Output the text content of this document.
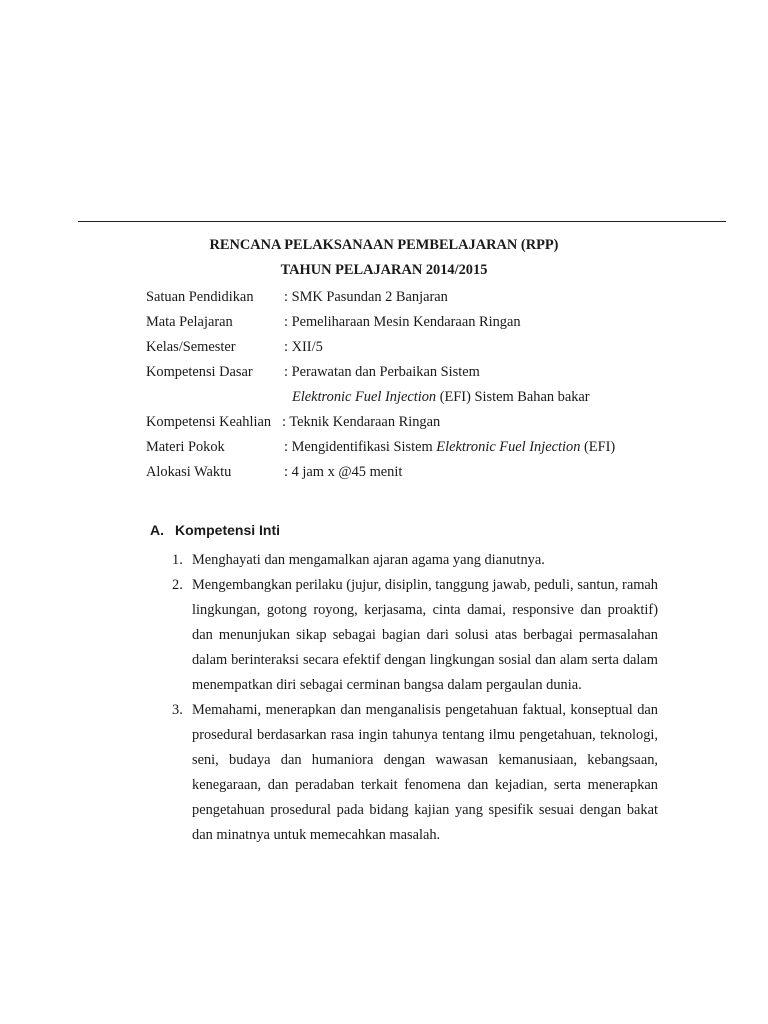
RENCANA PELAKSANAAN PEMBELAJARAN (RPP)
TAHUN PELAJARAN 2014/2015
Satuan Pendidikan : SMK Pasundan 2 Banjaran
Mata Pelajaran	: Pemeliharaan Mesin Kendaraan Ringan
Kelas/Semester	: XII/5
Kompetensi Dasar : Perawatan dan Perbaikan Sistem
Elektronic Fuel Injection (EFI) Sistem Bahan bakar
Kompetensi Keahlian : Teknik Kendaraan Ringan
Materi Pokok	: Mengidentifikasi Sistem Elektronic Fuel Injection (EFI)
Alokasi Waktu	: 4 jam x @45 menit
A. Kompetensi Inti
1. Menghayati dan mengamalkan ajaran agama yang dianutnya.
2. Mengembangkan perilaku (jujur, disiplin, tanggung jawab, peduli, santun, ramah lingkungan, gotong royong, kerjasama, cinta damai, responsive dan proaktif) dan menunjukan sikap sebagai bagian dari solusi atas berbagai permasalahan dalam berinteraksi secara efektif dengan lingkungan sosial dan alam serta dalam menempatkan diri sebagai cerminan bangsa dalam pergaulan dunia.
3. Memahami, menerapkan dan menganalisis pengetahuan faktual, konseptual dan prosedural berdasarkan rasa ingin tahunya tentang ilmu pengetahuan, teknologi, seni, budaya dan humaniora dengan wawasan kemanusiaan, kebangsaan, kenegaraan, dan peradaban terkait fenomena dan kejadian, serta menerapkan pengetahuan prosedural pada bidang kajian yang spesifik sesuai dengan bakat dan minatnya untuk memecahkan masalah.
